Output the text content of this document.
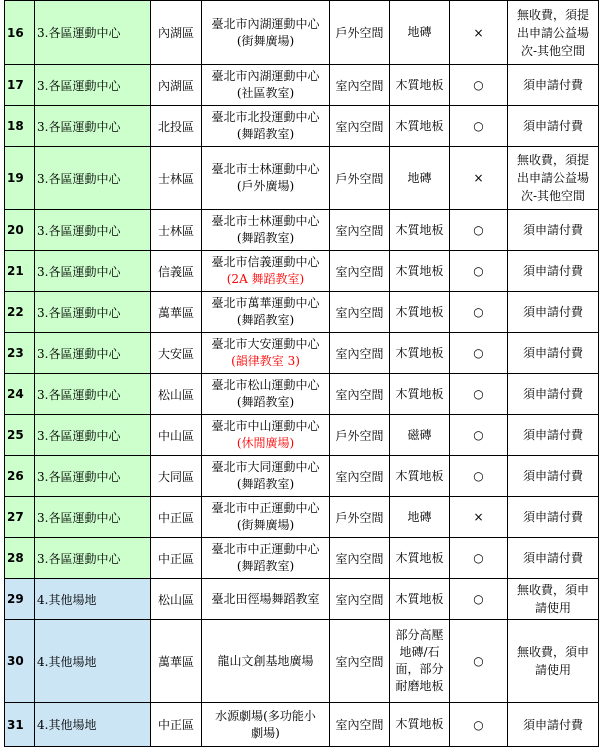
16	3.各區運動中心	內湖區	臺北市內湖運動中心
(街舞廣場)	戶外空間	地磚	×	無收費，須提
出申請公益場
次-其他空間
17	3.各區運動中心	內湖區	臺北市內湖運動中心
(社區教室)	室內空間	木質地板	○	須申請付費
18	3.各區運動中心	北投區	臺北市北投運動中心
(舞蹈教室)	室內空間	木質地板	○	須申請付費
19	3.各區運動中心	士林區	臺北市士林運動中心
(戶外廣場)	戶外空間	地磚	×	無收費，須提
出申請公益場
次-其他空間
20	3.各區運動中心	士林區	臺北市士林運動中心
(舞蹈教室)	室內空間	木質地板	○	須申請付費
21	3.各區運動中心	信義區	臺北市信義運動中心
(2A 舞蹈教室)	室內空間	木質地板	○	須申請付費
22	3.各區運動中心	萬華區	臺北市萬華運動中心
(舞蹈教室)	室內空間	木質地板	○	須申請付費
23	3.各區運動中心	大安區	臺北市大安運動中心
(韻律教室 3)	室內空間	木質地板	○	須申請付費
24	3.各區運動中心	松山區	臺北市松山運動中心
(舞蹈教室)	室內空間	木質地板	○	須申請付費
25	3.各區運動中心	中山區	臺北市中山運動中心
(休閒廣場)	戶外空間	磁磚	○	須申請付費
26	3.各區運動中心	大同區	臺北市大同運動中心
(舞蹈教室)	室內空間	木質地板	○	須申請付費
27	3.各區運動中心	中正區	臺北市中正運動中心
(街舞廣場)	戶外空間	地磚	×	須申請付費
28	3.各區運動中心	中正區	臺北市中正運動中心
(舞蹈教室)	室內空間	木質地板	○	須申請付費
29	4.其他場地	松山區	臺北田徑場舞蹈教室	室內空間	木質地板	○	無收費，須申
請使用
30	4.其他場地	萬華區	龍山文創基地廣場	室內空間	部分高壓
地磚/石
面，部分
耐磨地板	○	無收費，須申
請使用
31	4.其他場地	中正區	水源劇場(多功能小
劇場)	室內空間	木質地板	○	須申請付費
